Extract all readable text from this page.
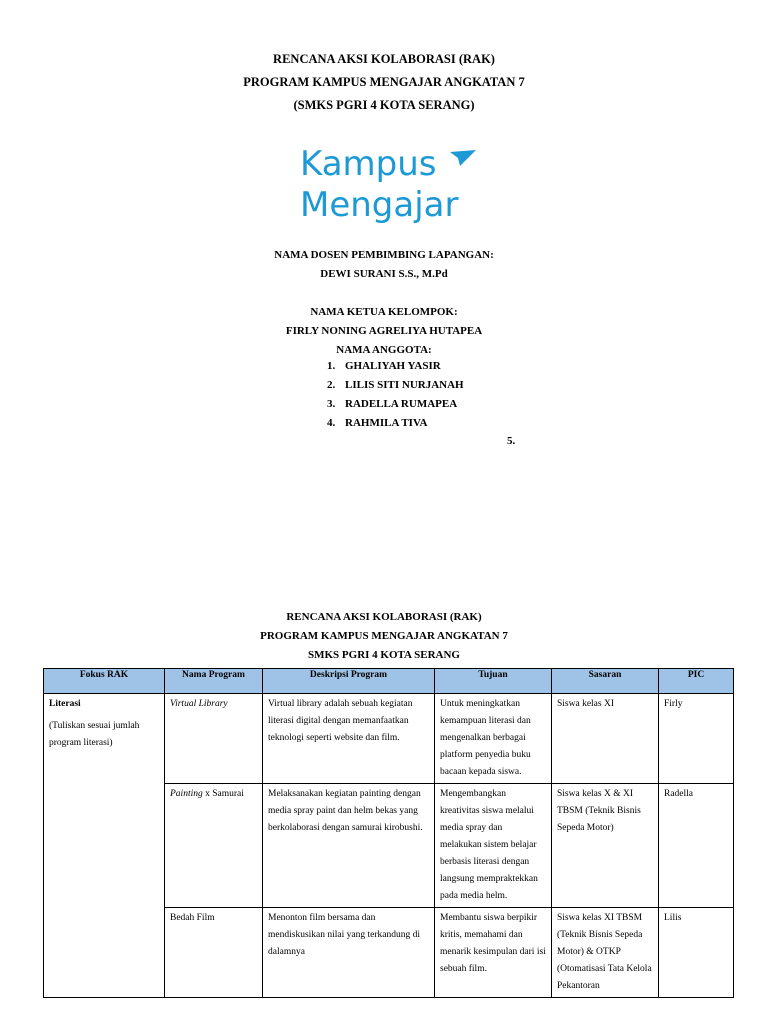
RENCANA AKSI KOLABORASI (RAK)
PROGRAM KAMPUS MENGAJAR ANGKATAN 7
(SMKS PGRI 4 KOTA SERANG)
Kampus
Mengajar
NAMA DOSEN PEMBIMBING LAPANGAN:
DEWI SURANI S.S., M.Pd
NAMA KETUA KELOMPOK:
FIRLY NONING AGRELIYA HUTAPEA
NAMA ANGGOTA:
1. GHALIYAH YASIR
2. LILIS SITI NURJANAH
3. RADELLA RUMAPEA
4. RAHMILA TIVA
5.
RENCANA AKSI KOLABORASI (RAK)
PROGRAM KAMPUS MENGAJAR ANGKATAN 7
SMKS PGRI 4 KOTA SERANG
Fokus RAK	Nama Program	Deskripsi Program	Tujuan	Sasaran	PIC

Literasi
(Tuliskan sesuai jumlah program literasi)	Virtual Library	Virtual library adalah sebuah kegiatan literasi digital dengan memanfaatkan teknologi seperti website dan film.	Untuk meningkatkan kemampuan literasi dan mengenalkan berbagai platform penyedia buku bacaan kepada siswa.	Siswa kelas XI	Firly
	Painting x Samurai	Melaksanakan kegiatan painting dengan media spray paint dan helm bekas yang berkolaborasi dengan samurai kirobushi.	Mengembangkan kreativitas siswa melalui media spray dan melakukan sistem belajar berbasis literasi dengan langsung mempraktekkan pada media helm.	Siswa kelas X & XI TBSM (Teknik Bisnis Sepeda Motor)	Radella
	Bedah Film	Menonton film bersama dan mendiskusikan nilai yang terkandung di dalamnya	Membantu siswa berpikir kritis, memahami dan menarik kesimpulan dari isi sebuah film.	Siswa kelas XI TBSM (Teknik Bisnis Sepeda Motor) & OTKP (Otomatisasi Tata Kelola Pekantoran	Lilis
